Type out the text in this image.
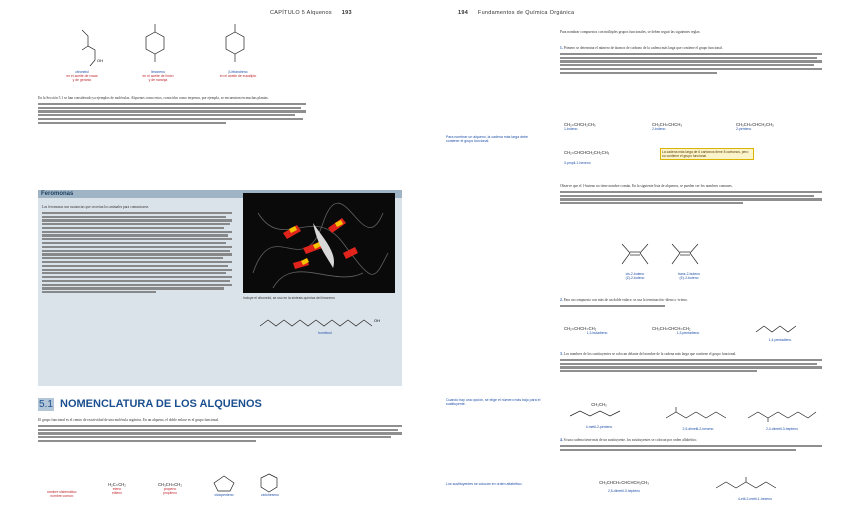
CAPÍTULO 5 Alquenos 193
OH
citronelol
en el aceite de rosas
y de geranio
limoneno
en el aceite de limón
y de naranja
β-felandreno
en el aceite de eucalipto
En la Sección 5.1 se han considerado ya ejemplos de moléculas. Alquenos como estos, conocidos como terpenos, por ejemplo, se encuentran en muchas plantas.
Feromonas
Las feromonas son sustancias que secretan los animales para comunicarse.
Incluye el citronelol, se usó en la síntesis química del limoneno
OH
bombicol
5.1 NOMENCLATURA DE LOS ALQUENOS
El grupo funcional es el centro de reactividad de una molécula orgánica. En un alqueno, el doble enlace es el grupo funcional.
nombre sistemático:
nombre común:
H₂C=CH₂
eteno
etileno
CH₃CH=CH₂
propeno
propileno	ciclopenteno	ciclohexeno
194 Fundamentos de Química Orgánica
Para nombrar compuestos con múltiples grupos funcionales, se deben seguir las siguientes reglas:
1. Primero se determina el número de átomos de carbono de la cadena más larga que contiene el grupo funcional.
Para nombrar un alqueno, la cadena más larga debe contener el grupo funcional.
CH₂=CHCH₂CH₃
1-buteno
CH₃CH=CHCH₃
2-buteno
CH₃CH=CHCH₂CH₃
2-penteno
CH₂=CHCHCH₂CH₂CH₃
3-propil-1-hexeno
La cadena más larga de 6 carbonos tiene 8 carbonos, pero no contiene el grupo funcional.
Observe que el 1-buteno no tiene nombre común. En la siguiente lista de alquenos, se pueden ver los nombres comunes.
cis-2-buteno
(Z)-2-buteno
trans-2-buteno
(E)-2-buteno
2. Para un compuesto con más de un doble enlace, se usa la terminación -dieno o -trieno.
CH₂=CHCH=CH₂
1,3-butadieno
CH₃CH=CHCH=CH₂
1,3-pentadieno
1,4-pentadieno
3. Los nombres de los sustituyentes se colocan delante del nombre de la cadena más larga que contiene el grupo funcional.
Cuando hay una opción, se elige el número más bajo para el sustituyente.	CH₂CH₃
4-metil-2-penteno	2,5-dimetil-2-hexeno	2,4-dimetil-3-hepteno
4. Si una cadena tiene más de un sustituyente, los sustituyentes se colocan por orden alfabético.
Los sustituyentes se colocan en orden alfabético.	CH₃CHCH=CHCHCH₂CH₃
2,5-dimetil-3-hepteno
4-etil-2-metil-1-hexeno
